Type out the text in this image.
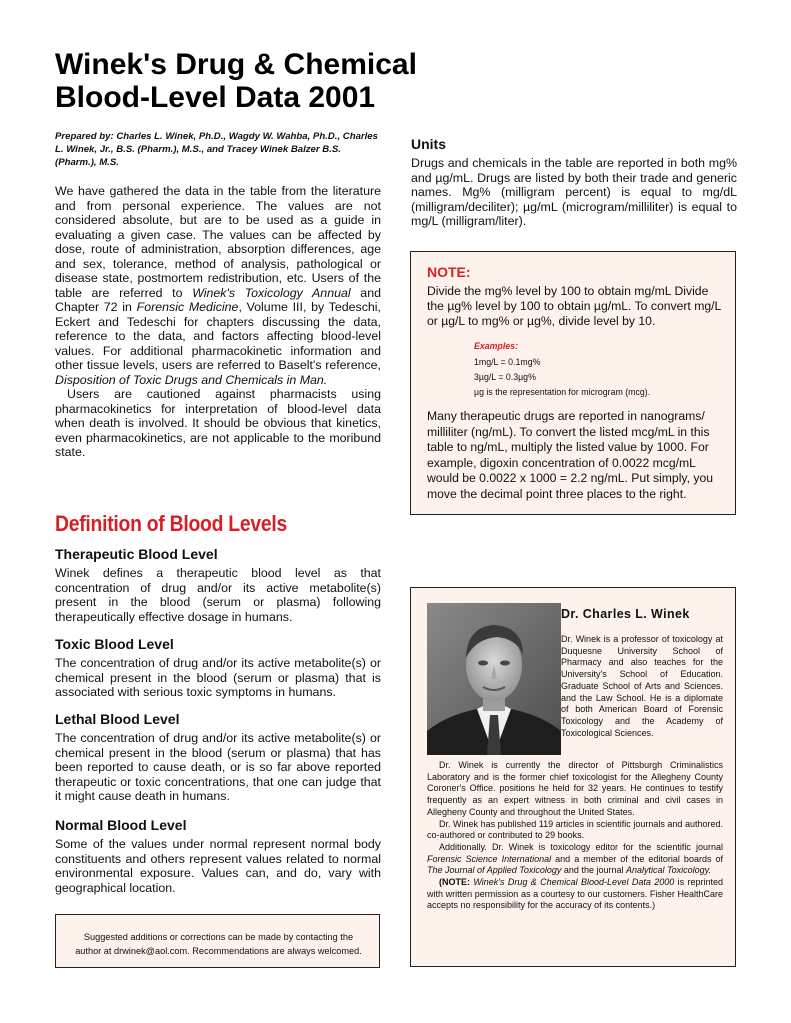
Winek's Drug & Chemical
Blood-Level Data 2001
Prepared by: Charles L. Winek, Ph.D., Wagdy W. Wahba, Ph.D., Charles L. Winek, Jr., B.S. (Pharm.), M.S., and Tracey Winek Balzer B.S. (Pharm.), M.S.

We have gathered the data in the table from the literature and from personal experience. The values are not considered absolute, but are to be used as a guide in evaluating a given case. The values can be affected by dose, route of administration, absorption differences, age and sex, tolerance, method of analysis, pathological or disease state, postmortem redistribution, etc. Users of the table are referred to Winek's Toxicology Annual and Chapter 72 in Forensic Medicine, Volume III, by Tedeschi, Eckert and Tedeschi for chapters discussing the data, reference to the data, and factors affecting blood-level values. For additional pharmacokinetic information and other tissue levels, users are referred to Baselt's reference, Disposition of Toxic Drugs and Chemicals in Man.

Users are cautioned against pharmacists using pharmacokinetics for interpretation of blood-level data when death is involved. It should be obvious that kinetics, even pharmacokinetics, are not applicable to the moribund state.

Definition of Blood Levels
Therapeutic Blood Level
Winek defines a therapeutic blood level as that concentration of drug and/or its active metabolite(s) present in the blood (serum or plasma) following therapeutically effective dosage in humans.
Toxic Blood Level
The concentration of drug and/or its active metabolite(s) or chemical present in the blood (serum or plasma) that is associated with serious toxic symptoms in humans.
Lethal Blood Level
The concentration of drug and/or its active metabolite(s) or chemical present in the blood (serum or plasma) that has been reported to cause death, or is so far above reported therapeutic or toxic concentrations, that one can judge that it might cause death in humans.
Normal Blood Level
Some of the values under normal represent normal body constituents and others represent values related to normal environmental exposure. Values can, and do, vary with geographical location.
Units
Drugs and chemicals in the table are reported in both mg% and µg/mL. Drugs are listed by both their trade and generic names. Mg% (milligram percent) is equal to mg/dL (milligram/deciliter); µg/mL (microgram/milliliter) is equal to mg/L (milligram/liter).
NOTE:
Divide the mg% level by 100 to obtain mg/mL Divide the µg% level by 100 to obtain µg/mL. To convert mg/L or µg/L to mg% or µg%, divide level by 10.
Examples:
1mg/L = 0.1mg%
3µg/L = 0.3µg%
µg is the representation for microgram (mcg).
Many therapeutic drugs are reported in nanograms/ milliliter (ng/mL). To convert the listed mcg/mL in this table to ng/mL, multiply the listed value by 1000. For example, digoxin concentration of 0.0022 mcg/mL would be 0.0022 x 1000 = 2.2 ng/mL. Put simply, you move the decimal point three places to the right.
Dr. Charles L. Winek
Dr. Winek is a professor of toxicology at Duquesne University School of Pharmacy and also teaches for the University's School of Education. Graduate School of Arts and Sciences. and the Law School. He is a diplomate of both American Board of Forensic Toxicology and the Academy of Toxicological Sciences.

Dr. Winek is currently the director of Pittsburgh Criminalistics Laboratory and is the former chief toxicologist for the Allegheny County Coroner's Office. positions he held for 32 years. He continues to testify frequently as an expert witness in both criminal and civil cases in Allegheny County and throughout the United States.

Dr. Winek has published 119 articles in scientific journals and authored. co-authored or contributed to 29 books.

Additionally. Dr. Winek is toxicology editor for the scientific journal Forensic Science International and a member of the editorial boards of The Journal of Applied Toxicology and the journal Analytical Toxicology.

(NOTE: Winek's Drug & Chemical Blood-Level Data 2000 is reprinted with written permission as a courtesy to our customers. Fisher HealthCare accepts no responsibility for the accuracy of its contents.)

Suggested additions or corrections can be made by contacting the
author at drwinek@aol.com. Recommendations are always welcomed.
